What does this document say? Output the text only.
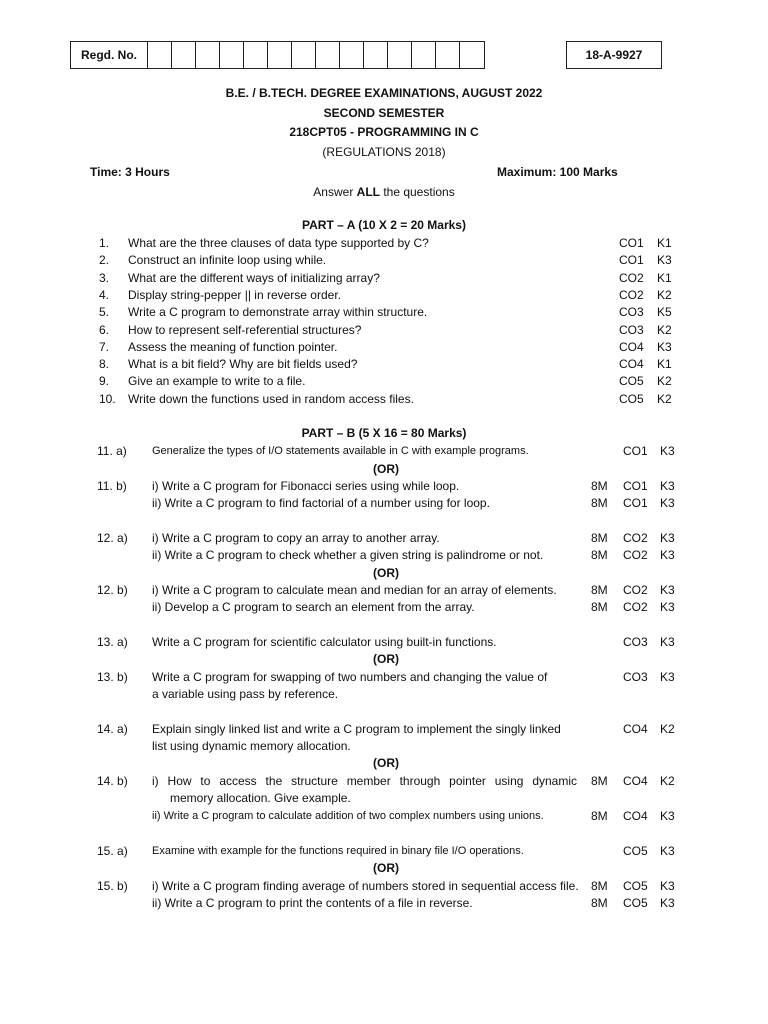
Regd. No.	18-A-9927
B.E. / B.TECH. DEGREE EXAMINATIONS, AUGUST 2022
SECOND SEMESTER
218CPT05 - PROGRAMMING IN C
(REGULATIONS 2018)
Time: 3 Hours	Maximum: 100 Marks
Answer ALL the questions
PART – A (10 X 2 = 20 Marks)
1. What are the three clauses of data type supported by C?	CO1 K1
2. Construct an infinite loop using while.	CO1 K3
3. What are the different ways of initializing array?	CO2 K1
4. Display string-pepper || in reverse order.	CO2 K2
5. Write a C program to demonstrate array within structure.	CO3 K5
6. How to represent self-referential structures?	CO3 K2
7. Assess the meaning of function pointer.	CO4 K3
8. What is a bit field? Why are bit fields used?	CO4 K1
9. Give an example to write to a file.	CO5 K2
10. Write down the functions used in random access files.	CO5 K2
PART – B (5 X 16 = 80 Marks)
11. a) Generalize the types of I/O statements available in C with example programs.	CO1 K3
11. b) i) Write a C program for Fibonacci series using while loop.	8M CO1 K3
ii) Write a C program to find factorial of a number using for loop.	8M CO1 K3
12. a) i) Write a C program to copy an array to another array.	8M CO2 K3
ii) Write a C program to check whether a given string is palindrome or not.	8M CO2 K3
12. b) i) Write a C program to calculate mean and median for an array of elements.	8M CO2 K3
ii) Develop a C program to search an element from the array.	8M CO2 K3
13. a) Write a C program for scientific calculator using built-in functions.	CO3 K3
13. b) Write a C program for swapping of two numbers and changing the value of
a variable using pass by reference.
CO3 K3
14. a) Explain singly linked list and write a C program to implement the singly linked
list using dynamic memory allocation.
CO4 K2
14. b) i) How to access the structure member through pointer using dynamic
memory allocation. Give example.
8M CO4 K2
ii) Write a C program to calculate addition of two complex numbers using unions.	8M CO4 K3
15. a) Examine with example for the functions required in binary file I/O operations.	CO5 K3
15. b) i) Write a C program finding average of numbers stored in sequential access file. 8M CO5 K3
ii) Write a C program to print the contents of a file in reverse.	8M CO5 K3
(OR)
(OR)
(OR)
(OR)
(OR)
